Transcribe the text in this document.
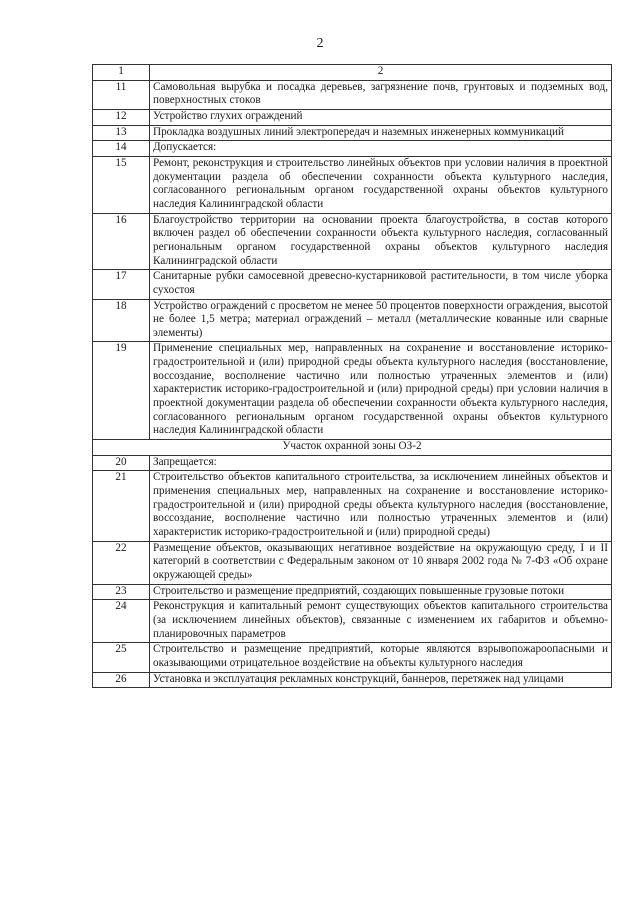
2
1	2
11	Самовольная вырубка и посадка деревьев, загрязнение почв, грунтовых и подземных вод, поверхностных стоков
12	Устройство глухих ограждений
13	Прокладка воздушных линий электропередач и наземных инженерных коммуникаций
14	Допускается:
15	Ремонт, реконструкция и строительство линейных объектов при условии наличия в проектной документации раздела об обеспечении сохранности объекта культурного наследия, согласованного региональным органом государственной охраны объектов культурного наследия Калининградской области
16	Благоустройство территории на основании проекта благоустройства, в состав которого включен раздел об обеспечении сохранности объекта культурного наследия, согласованный региональным органом государственной охраны объектов культурного наследия Калининградской области
17	Санитарные рубки самосевной древесно-кустарниковой растительности, в том числе уборка сухостоя
18	Устройство ограждений с просветом не менее 50 процентов поверхности ограждения, высотой не более 1,5 метра; материал ограждений – металл (металлические кованные или сварные элементы)
19	Применение специальных мер, направленных на сохранение и восстановление историко-градостроительной и (или) природной среды объекта культурного наследия (восстановление, воссоздание, восполнение частично или полностью утраченных элементов и (или) характеристик историко-градостроительной и (или) природной среды) при условии наличия в проектной документации раздела об обеспечении сохранности объекта культурного наследия, согласованного региональным органом государственной охраны объектов культурного наследия Калининградской области
Участок охранной зоны ОЗ-2	
20	Запрещается:
21	Строительство объектов капитального строительства, за исключением линейных объектов и применения специальных мер, направленных на сохранение и восстановление историко-градостроительной и (или) природной среды объекта культурного наследия (восстановление, воссоздание, восполнение частично или полностью утраченных элементов и (или) характеристик историко-градостроительной и (или) природной среды)
22	Размещение объектов, оказывающих негативное воздействие на окружающую среду, I и II категорий в соответствии с Федеральным законом от 10 января 2002 года № 7-ФЗ «Об охране окружающей среды»
23	Строительство и размещение предприятий, создающих повышенные грузовые потоки
24	Реконструкция и капитальный ремонт существующих объектов капитального строительства (за исключением линейных объектов), связанные с изменением их габаритов и объемно-планировочных параметров
25	Строительство и размещение предприятий, которые являются взрывопожароопасными и оказывающими отрицательное воздействие на объекты культурного наследия
26	Установка и эксплуатация рекламных конструкций, баннеров, перетяжек над улицами
